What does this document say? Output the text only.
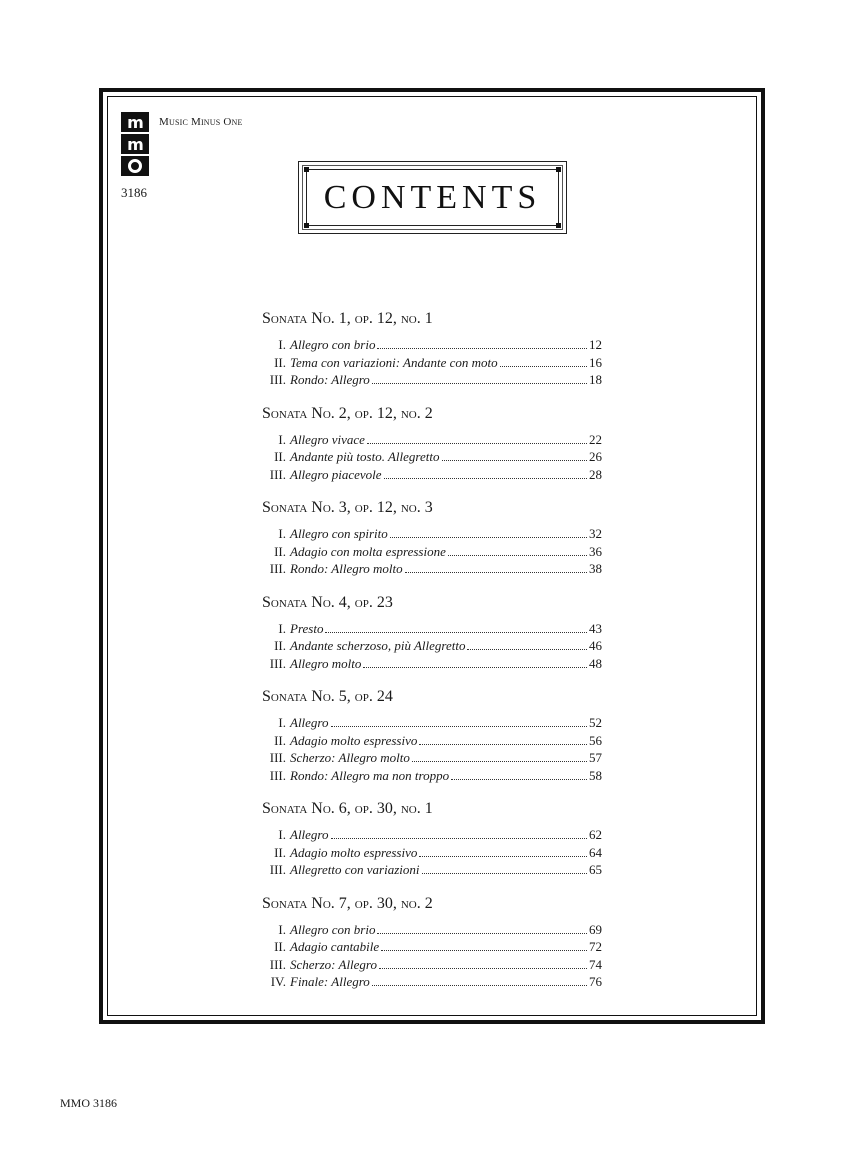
m
m
3186
Music Minus One
CONTENTS
Sonata No. 1, op. 12, no. 1
I. Allegro con brio	12
II. Tema con variazioni: Andante con moto	16
III. Rondo: Allegro	18
Sonata No. 2, op. 12, no. 2
I. Allegro vivace	22
II. Andante più tosto. Allegretto	26
III. Allegro piacevole	28
Sonata No. 3, op. 12, no. 3
I. Allegro con spirito	32
II. Adagio con molta espressione	36
III. Rondo: Allegro molto	38
Sonata No. 4, op. 23
I. Presto	43
II. Andante scherzoso, più Allegretto	46
III. Allegro molto	48
Sonata No. 5, op. 24
I. Allegro	52
II. Adagio molto espressivo	56
III. Scherzo: Allegro molto	57
III. Rondo: Allegro ma non troppo	58
Sonata No. 6, op. 30, no. 1
I. Allegro	62
II. Adagio molto espressivo	64
III. Allegretto con variazioni	65
Sonata No. 7, op. 30, no. 2
I. Allegro con brio	69
II. Adagio cantabile	72
III. Scherzo: Allegro	74
IV. Finale: Allegro	76
MMO 3186
